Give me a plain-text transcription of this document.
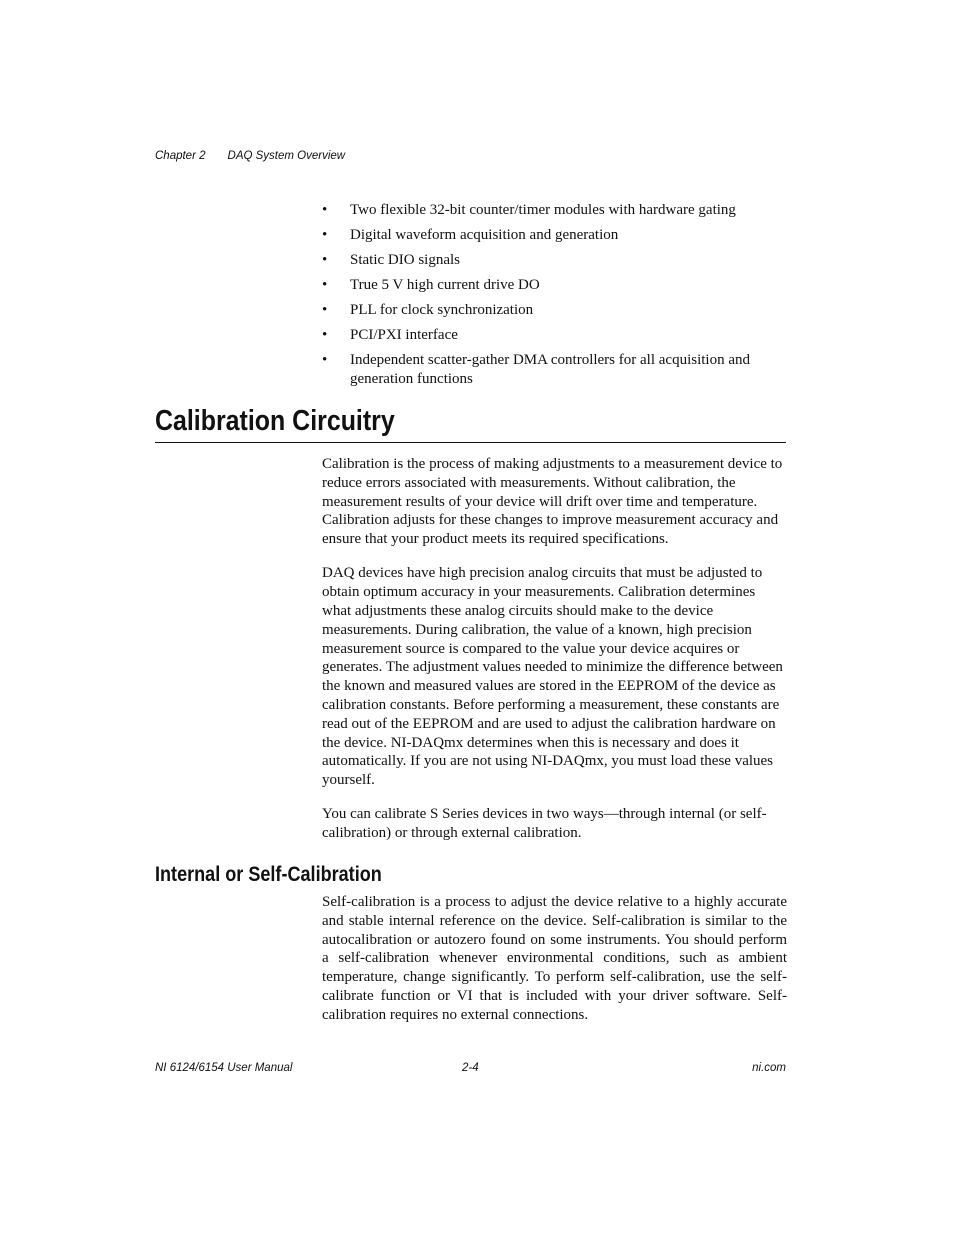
Chapter 2 DAQ System Overview
• Two flexible 32-bit counter/timer modules with hardware gating
• Digital waveform acquisition and generation
• Static DIO signals
• True 5 V high current drive DO
• PLL for clock synchronization
• PCI/PXI interface
• Independent scatter-gather DMA controllers for all acquisition and generation functions
Calibration Circuitry

Calibration is the process of making adjustments to a measurement device to reduce errors associated with measurements. Without calibration, the measurement results of your device will drift over time and temperature. Calibration adjusts for these changes to improve measurement accuracy and ensure that your product meets its required specifications.

DAQ devices have high precision analog circuits that must be adjusted to obtain optimum accuracy in your measurements. Calibration determines what adjustments these analog circuits should make to the device measurements. During calibration, the value of a known, high precision measurement source is compared to the value your device acquires or generates. The adjustment values needed to minimize the difference between the known and measured values are stored in the EEPROM of the device as calibration constants. Before performing a measurement, these constants are read out of the EEPROM and are used to adjust the calibration hardware on the device. NI-DAQmx determines when this is necessary and does it automatically. If you are not using NI-DAQmx, you must load these values yourself.

You can calibrate S Series devices in two ways—through internal (or self-calibration) or through external calibration.

Internal or Self-Calibration

Self-calibration is a process to adjust the device relative to a highly accurate and stable internal reference on the device. Self-calibration is similar to the autocalibration or autozero found on some instruments. You should perform a self-calibration whenever environmental conditions, such as ambient temperature, change significantly. To perform self-calibration, use the self-calibrate function or VI that is included with your driver software. Self-calibration requires no external connections.

NI 6124/6154 User Manual	2-4	ni.com
